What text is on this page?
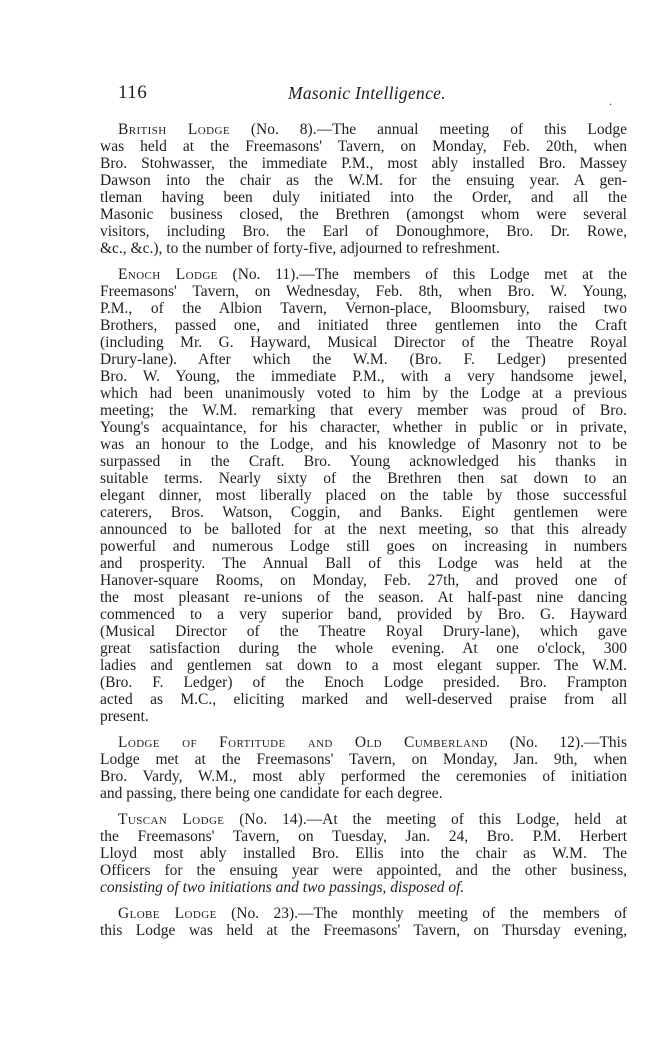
116	Masonic Intelligence.	.
British Lodge (No. 8).—The annual meeting of this Lodge
was held at the Freemasons' Tavern, on Monday, Feb. 20th, when
Bro. Stohwasser, the immediate P.M., most ably installed Bro. Massey
Dawson into the chair as the W.M. for the ensuing year. A gen-
tleman having been duly initiated into the Order, and all the
Masonic business closed, the Brethren (amongst whom were several
visitors, including Bro. the Earl of Donoughmore, Bro. Dr. Rowe,
&c., &c.), to the number of forty-five, adjourned to refreshment.
Enoch Lodge (No. 11).—The members of this Lodge met at the
Freemasons' Tavern, on Wednesday, Feb. 8th, when Bro. W. Young,
P.M., of the Albion Tavern, Vernon-place, Bloomsbury, raised two
Brothers, passed one, and initiated three gentlemen into the Craft
(including Mr. G. Hayward, Musical Director of the Theatre Royal
Drury-lane). After which the W.M. (Bro. F. Ledger) presented
Bro. W. Young, the immediate P.M., with a very handsome jewel,
which had been unanimously voted to him by the Lodge at a previous
meeting; the W.M. remarking that every member was proud of Bro.
Young's acquaintance, for his character, whether in public or in private,
was an honour to the Lodge, and his knowledge of Masonry not to be
surpassed in the Craft. Bro. Young acknowledged his thanks in
suitable terms. Nearly sixty of the Brethren then sat down to an
elegant dinner, most liberally placed on the table by those successful
caterers, Bros. Watson, Coggin, and Banks. Eight gentlemen were
announced to be balloted for at the next meeting, so that this already
powerful and numerous Lodge still goes on increasing in numbers
and prosperity. The Annual Ball of this Lodge was held at the
Hanover-square Rooms, on Monday, Feb. 27th, and proved one of
the most pleasant re-unions of the season. At half-past nine dancing
commenced to a very superior band, provided by Bro. G. Hayward
(Musical Director of the Theatre Royal Drury-lane), which gave
great satisfaction during the whole evening. At one o'clock, 300
ladies and gentlemen sat down to a most elegant supper. The W.M.
(Bro. F. Ledger) of the Enoch Lodge presided. Bro. Frampton
acted as M.C., eliciting marked and well-deserved praise from all
present.
Lodge of Fortitude and Old Cumberland (No. 12).—This
Lodge met at the Freemasons' Tavern, on Monday, Jan. 9th, when
Bro. Vardy, W.M., most ably performed the ceremonies of initiation
and passing, there being one candidate for each degree.
Tuscan Lodge (No. 14).—At the meeting of this Lodge, held at
the Freemasons' Tavern, on Tuesday, Jan. 24, Bro. P.M. Herbert
Lloyd most ably installed Bro. Ellis into the chair as W.M. The
Officers for the ensuing year were appointed, and the other business,
consisting of two initiations and two passings, disposed of.
Globe Lodge (No. 23).—The monthly meeting of the members of
this Lodge was held at the Freemasons' Tavern, on Thursday evening,
